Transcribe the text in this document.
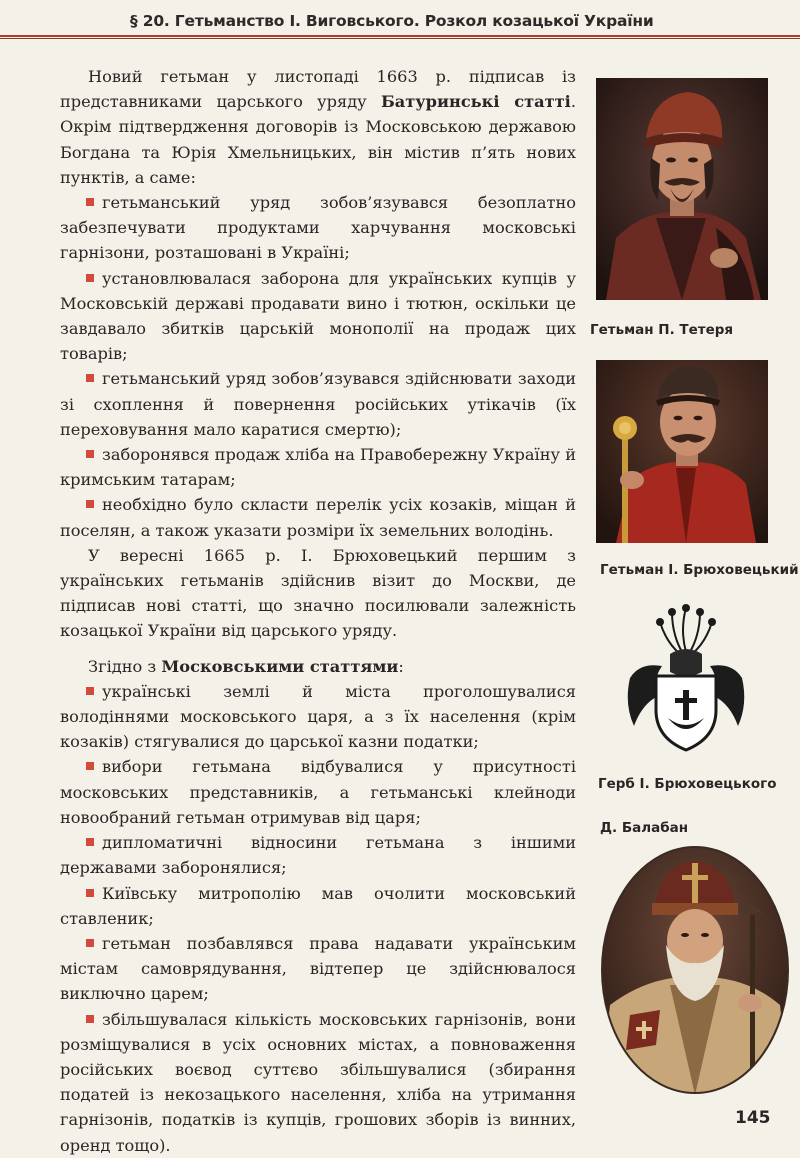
§ 20. Гетьманство І. Виговського. Розкол козацької України

Новий гетьман у листопаді 1663 р. підписав із представниками царського уряду Батуринські статті. Окрім підтвердження договорів із Московською державою Богдана та Юрія Хмельницьких, він містив п’ять нових пунктів, а саме:

гетьманський уряд зобов’язувався безоплатно забезпечувати продуктами харчування московські гарнізони, розташовані в Україні;

установлювалася заборона для українських купців у Московській державі продавати вино і тютюн, оскільки це завдавало збитків царській монополії на продаж цих товарів;

гетьманський уряд зобов’язувався здійснювати заходи зі схоплення й повернення російських утікачів (їх переховування мало каратися смертю);

заборонявся продаж хліба на Правобережну Україну й кримським татарам;

необхідно було скласти перелік усіх козаків, міщан й поселян, а також указати розміри їх земельних володінь.

У вересні 1665 р. І. Брюховецький першим з українських гетьманів здійснив візит до Москви, де підписав нові статті, що значно посилювали залежність козацької України від царського уряду.

Згідно з Московськими статтями:

українські землі й міста проголошувалися володіннями московського царя, а з їх населення (крім козаків) стягувалися до царської казни податки;

вибори гетьмана відбувалися у присутності московських представників, а гетьманські клейноди новообраний гетьман отримував від царя;

дипломатичні відносини гетьмана з іншими державами заборонялися;

Київську митрополію мав очолити московський ставленик;

гетьман позбавлявся права надавати українським містам самоврядування, відтепер це здійснювалося виключно царем;

збільшувалася кількість московських гарнізонів, вони розміщувалися в усіх основних містах, а повноваження російських воєвод суттєво збільшувалися (збирання податей із некозацького населення, хліба на утримання гарнізонів, податків із купців, грошових зборів із винних, оренд тощо).

Гетьман П. Тетеря
Гетьман І. Брюховецький
Герб І. Брюховецького
Д. Балабан
145
